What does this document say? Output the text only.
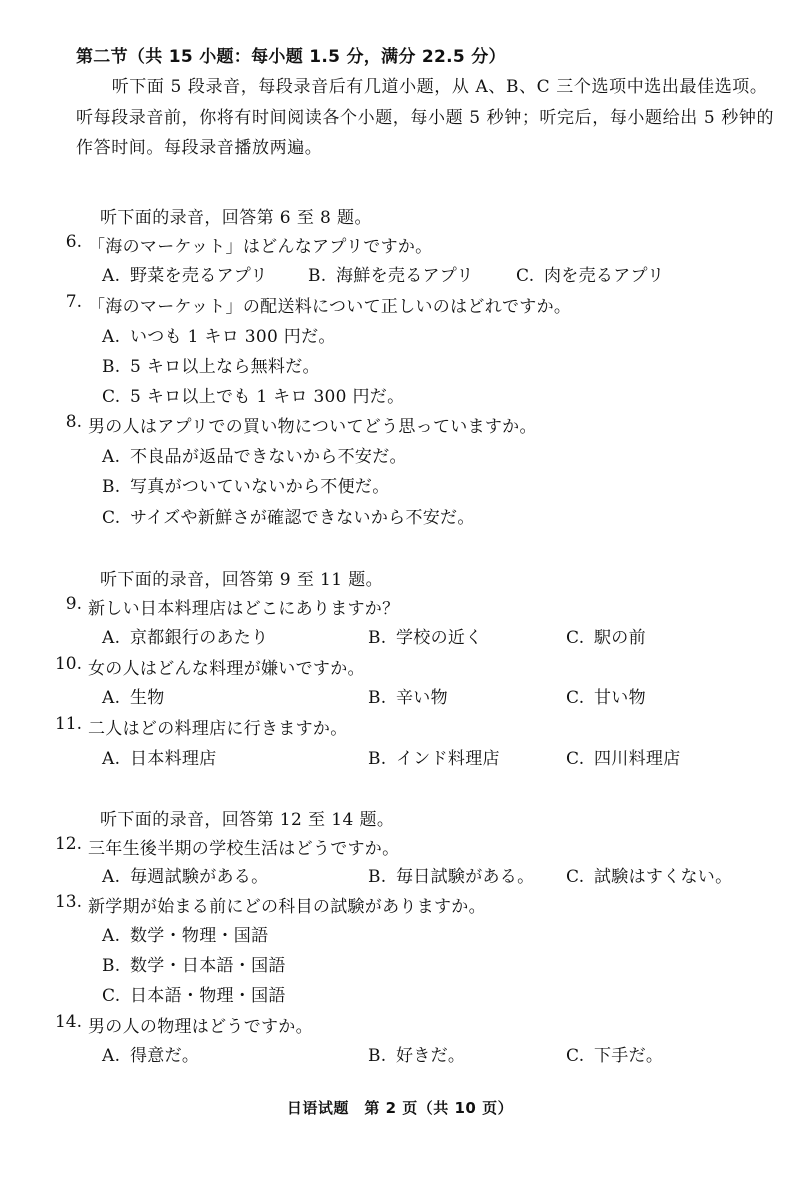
第二节（共 15 小题：每小题 1.5 分，满分 22.5 分）
听下面 5 段录音，每段录音后有几道小题，从 A、B、C 三个选项中选出最佳选项。听每段录音前，你将有时间阅读各个小题，每小题 5 秒钟；听完后，每小题给出 5 秒钟的作答时间。每段录音播放两遍。
听下面的录音，回答第 6 至 8 题。
6. 「海のマーケット」はどんなアプリですか。
A. 野菜を売るアプリ B. 海鮮を売るアプリ C. 肉を売るアプリ
7. 「海のマーケット」の配送料について正しいのはどれですか。
A. いつも 1 キロ 300 円だ。
B. 5 キロ以上なら無料だ。
C. 5 キロ以上でも 1 キロ 300 円だ。
8. 男の人はアプリでの買い物についてどう思っていますか。
A. 不良品が返品できないから不安だ。
B. 写真がついていないから不便だ。
C. サイズや新鮮さが確認できないから不安だ。
听下面的录音，回答第 9 至 11 题。
9. 新しい日本料理店はどこにありますか？
A. 京都銀行のあたり	B. 学校の近く	C. 駅の前
10. 女の人はどんな料理が嫌いですか。
A. 生物	B. 辛い物	C. 甘い物
11. 二人はどの料理店に行きますか。
A. 日本料理店	B. インド料理店	C. 四川料理店
听下面的录音，回答第 12 至 14 题。
12. 三年生後半期の学校生活はどうですか。
A. 毎週試験がある。	B. 毎日試験がある。 C. 試験はすくない。
13. 新学期が始まる前にどの科目の試験がありますか。
A. 数学・物理・国語
B. 数学・日本語・国語
C. 日本語・物理・国語
14. 男の人の物理はどうですか。
A. 得意だ。	B. 好きだ。	C. 下手だ。
日语试题　第 2 页（共 10 页）
